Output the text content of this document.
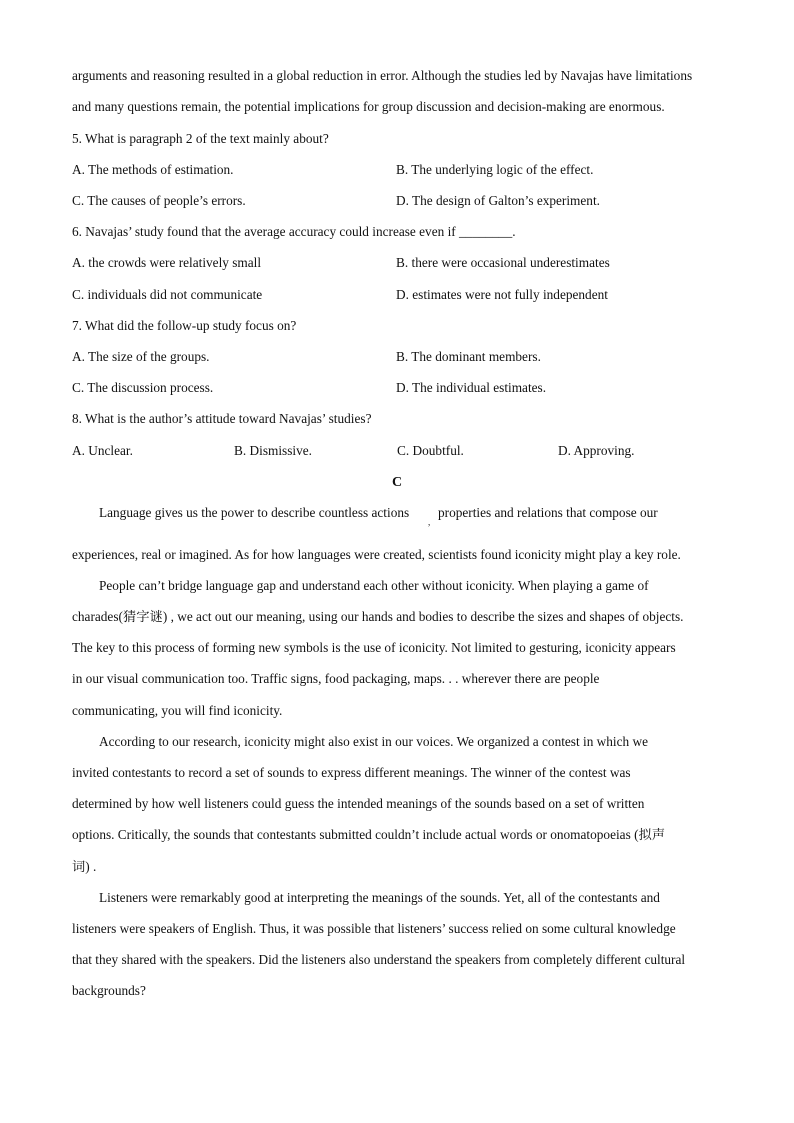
arguments and reasoning resulted in a global reduction in error. Although the studies led by Navajas have limitations
and many questions remain, the potential implications for group discussion and decision-making are enormous.
5. What is paragraph 2 of the text mainly about?
A. The methods of estimation.	B. The underlying logic of the effect.
C. The causes of people’s errors.	D. The design of Galton’s experiment.
6. Navajas’ study found that the average accuracy could increase even if ________.
A. the crowds were relatively small	B. there were occasional underestimates
C. individuals did not communicate	D. estimates were not fully independent
7. What did the follow-up study focus on?
A. The size of the groups.	B. The dominant members.
C. The discussion process.	D. The individual estimates.
8. What is the author’s attitude toward Navajas’ studies?
A. Unclear.	B. Dismissive.	C. Doubtful.	D. Approving.
C
Language gives us the power to describe countless actions
,
properties and relations that compose our
experiences, real or imagined. As for how languages were created, scientists found iconicity might play a key role.
People can’t bridge language gap and understand each other without iconicity. When playing a game of
charades(猜字谜) , we act out our meaning, using our hands and bodies to describe the sizes and shapes of objects.
The key to this process of forming new symbols is the use of iconicity. Not limited to gesturing, iconicity appears
in our visual communication too. Traffic signs, food packaging, maps. . . wherever there are people
communicating, you will find iconicity.
According to our research, iconicity might also exist in our voices. We organized a contest in which we
invited contestants to record a set of sounds to express different meanings. The winner of the contest was
determined by how well listeners could guess the intended meanings of the sounds based on a set of written
options. Critically, the sounds that contestants submitted couldn’t include actual words or onomatopoeias (拟声
词) .
Listeners were remarkably good at interpreting the meanings of the sounds. Yet, all of the contestants and
listeners were speakers of English. Thus, it was possible that listeners’ success relied on some cultural knowledge
that they shared with the speakers. Did the listeners also understand the speakers from completely different cultural
backgrounds?
